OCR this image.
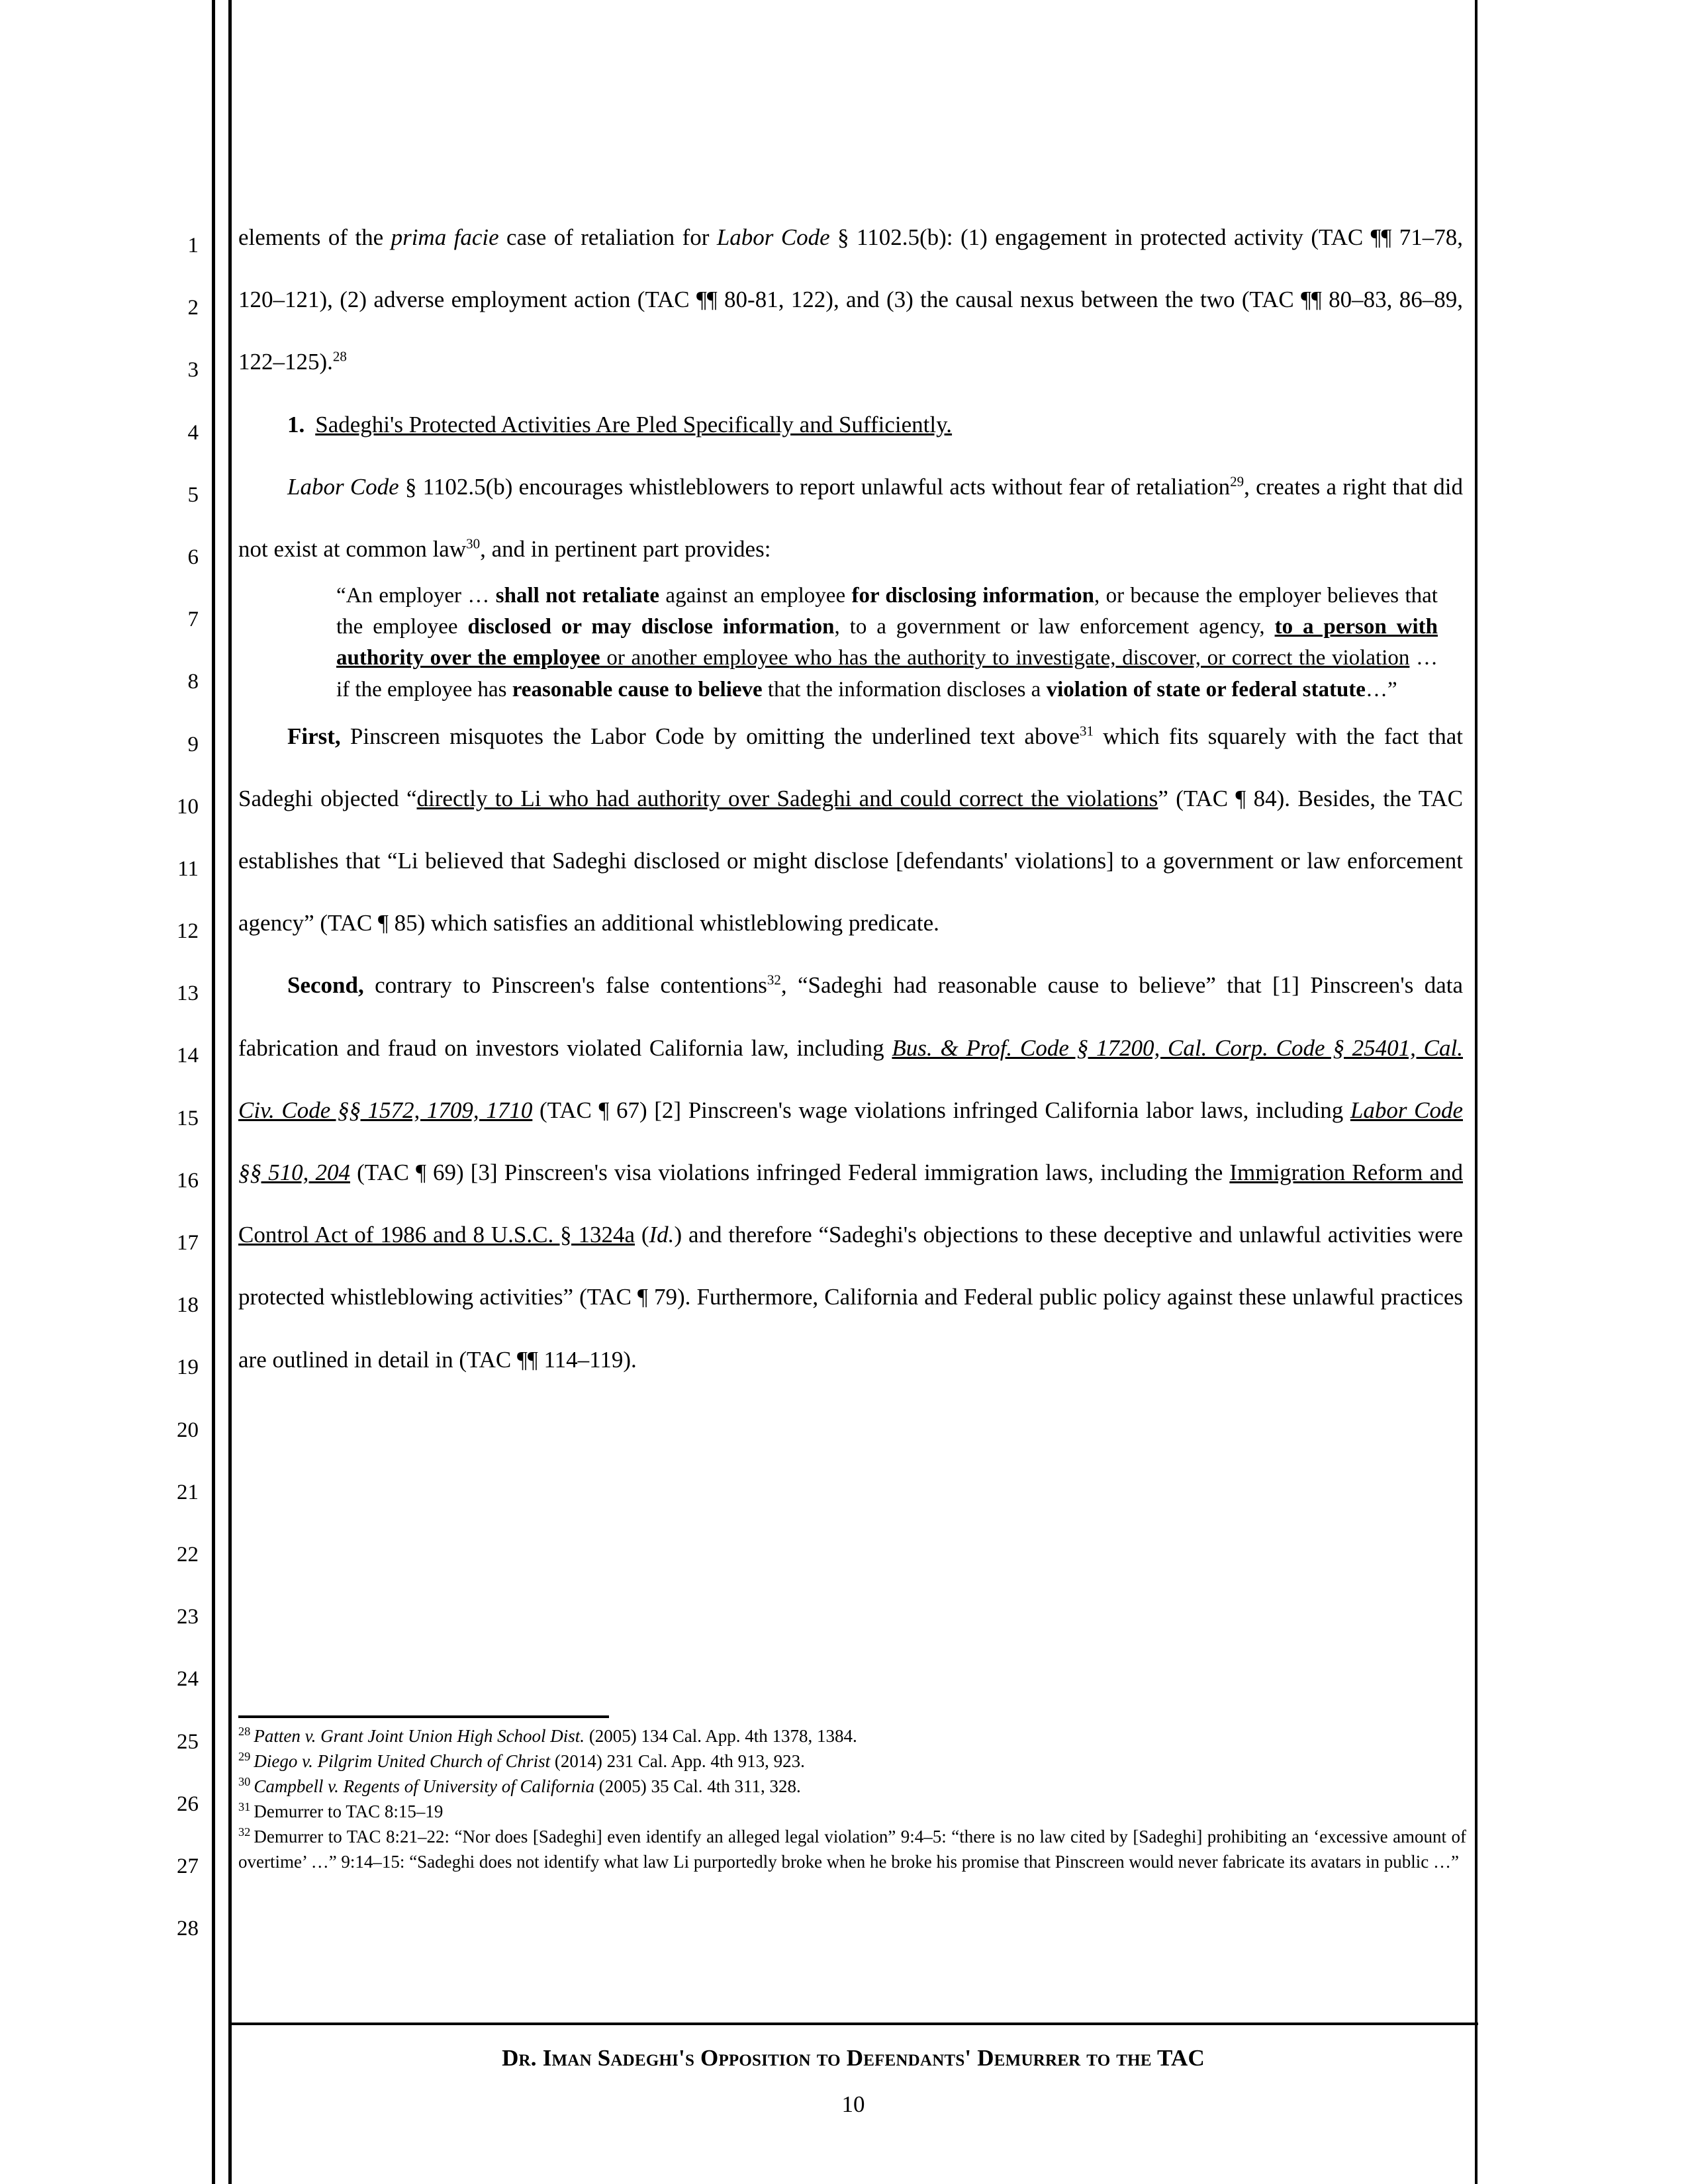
1
2
3
4
5
6
7
8
9
10
11
12
13
14
15
16
17
18
19
20
21
22
23
24
25
26
27
28

elements of the prima facie case of retaliation for Labor Code § 1102.5(b): (1) engagement in protected activity (TAC ¶¶ 71–78, 120–121), (2) adverse employment action (TAC ¶¶ 80-81, 122), and (3) the causal nexus between the two (TAC ¶¶ 80–83, 86–89, 122–125).$^{28}$

1. Sadeghi's Protected Activities Are Pled Specifically and Sufficiently.

Labor Code § 1102.5(b) encourages whistleblowers to report unlawful acts without fear of retaliation$^{29}$, creates a right that did not exist at common law$^{30}$, and in pertinent part provides:

“An employer … shall not retaliate against an employee for disclosing information, or because the employer believes that the employee disclosed or may disclose information, to a government or law enforcement agency, to a person with authority over the employee or another employee who has the authority to investigate, discover, or correct the violation … if the employee has reasonable cause to believe that the information discloses a violation of state or federal statute…”

First, Pinscreen misquotes the Labor Code by omitting the underlined text above$^{31}$ which fits squarely with the fact that Sadeghi objected “directly to Li who had authority over Sadeghi and could correct the violations” (TAC ¶ 84). Besides, the TAC establishes that “Li believed that Sadeghi disclosed or might disclose [defendants' violations] to a government or law enforcement agency” (TAC ¶ 85) which satisfies an additional whistleblowing predicate.

Second, contrary to Pinscreen's false contentions$^{32}$, “Sadeghi had reasonable cause to believe” that [1] Pinscreen's data fabrication and fraud on investors violated California law, including Bus. & Prof. Code § 17200, Cal. Corp. Code § 25401, Cal. Civ. Code §§ 1572, 1709, 1710 (TAC ¶ 67) [2] Pinscreen's wage violations infringed California labor laws, including Labor Code §§ 510, 204 (TAC ¶ 69) [3] Pinscreen's visa violations infringed Federal immigration laws, including the Immigration Reform and Control Act of 1986 and 8 U.S.C. § 1324a (Id.) and therefore “Sadeghi's objections to these deceptive and unlawful activities were protected whistleblowing activities” (TAC ¶ 79). Furthermore, California and Federal public policy against these unlawful practices are outlined in detail in (TAC ¶¶ 114–119).

$^{28}$ Patten v. Grant Joint Union High School Dist. (2005) 134 Cal. App. 4th 1378, 1384.

$^{29}$ Diego v. Pilgrim United Church of Christ (2014) 231 Cal. App. 4th 913, 923.

$^{30}$ Campbell v. Regents of University of California (2005) 35 Cal. 4th 311, 328.

$^{31}$ Demurrer to TAC 8:15–19

$^{32}$ Demurrer to TAC 8:21–22: “Nor does [Sadeghi] even identify an alleged legal violation” 9:4–5: “there is no law cited by [Sadeghi] prohibiting an ‘excessive amount of overtime’ …” 9:14–15: “Sadeghi does not identify what law Li purportedly broke when he broke his promise that Pinscreen would never fabricate its avatars in public …”

Dr. Iman Sadeghi's Opposition to Defendants' Demurrer to the TAC
10
